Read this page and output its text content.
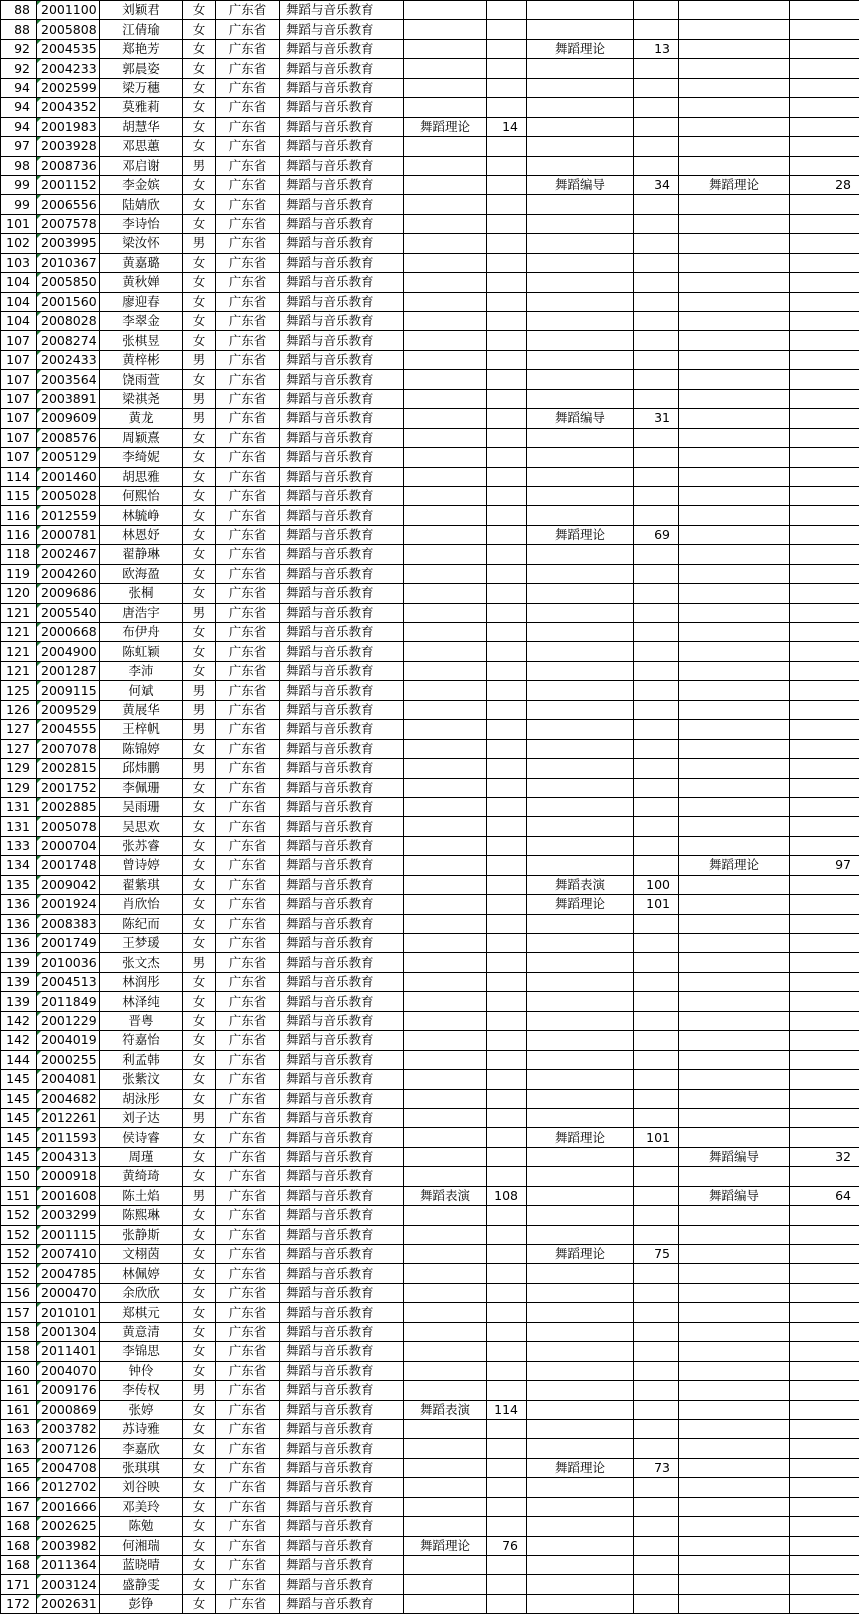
88	2001100	刘颖君	女	广东省	舞蹈与音乐教育						
88	2005808	江倩瑜	女	广东省	舞蹈与音乐教育						
92	2004535	郑艳芳	女	广东省	舞蹈与音乐教育			舞蹈理论	13		
92	2004233	郭晨姿	女	广东省	舞蹈与音乐教育						
94	2002599	梁万穗	女	广东省	舞蹈与音乐教育						
94	2004352	莫雅莉	女	广东省	舞蹈与音乐教育						
94	2001983	胡慧华	女	广东省	舞蹈与音乐教育	舞蹈理论	14				
97	2003928	邓思蕙	女	广东省	舞蹈与音乐教育						
98	2008736	邓启谢	男	广东省	舞蹈与音乐教育						
99	2001152	李金嫔	女	广东省	舞蹈与音乐教育			舞蹈编导	34	舞蹈理论	28
99	2006556	陆婧欣	女	广东省	舞蹈与音乐教育						
101	2007578	李诗怡	女	广东省	舞蹈与音乐教育						
102	2003995	梁汝怀	男	广东省	舞蹈与音乐教育						
103	2010367	黄嘉璐	女	广东省	舞蹈与音乐教育						
104	2005850	黄秋婵	女	广东省	舞蹈与音乐教育						
104	2001560	廖迎春	女	广东省	舞蹈与音乐教育						
104	2008028	李翠金	女	广东省	舞蹈与音乐教育						
107	2008274	张棋昱	女	广东省	舞蹈与音乐教育						
107	2002433	黄梓彬	男	广东省	舞蹈与音乐教育						
107	2003564	饶雨萱	女	广东省	舞蹈与音乐教育						
107	2003891	梁祺尧	男	广东省	舞蹈与音乐教育						
107	2009609	黄龙	男	广东省	舞蹈与音乐教育			舞蹈编导	31		
107	2008576	周颖熹	女	广东省	舞蹈与音乐教育						
107	2005129	李绮妮	女	广东省	舞蹈与音乐教育						
114	2001460	胡思雅	女	广东省	舞蹈与音乐教育						
115	2005028	何熙怡	女	广东省	舞蹈与音乐教育						
116	2012559	林毓峥	女	广东省	舞蹈与音乐教育						
116	2000781	林恩妤	女	广东省	舞蹈与音乐教育			舞蹈理论	69		
118	2002467	翟静琳	女	广东省	舞蹈与音乐教育						
119	2004260	欧海盈	女	广东省	舞蹈与音乐教育						
120	2009686	张桐	女	广东省	舞蹈与音乐教育						
121	2005540	唐浩宇	男	广东省	舞蹈与音乐教育						
121	2000668	布伊舟	女	广东省	舞蹈与音乐教育						
121	2004900	陈虹颖	女	广东省	舞蹈与音乐教育						
121	2001287	李沛	女	广东省	舞蹈与音乐教育						
125	2009115	何斌	男	广东省	舞蹈与音乐教育						
126	2009529	黄展华	男	广东省	舞蹈与音乐教育						
127	2004555	王梓帆	男	广东省	舞蹈与音乐教育						
127	2007078	陈锦婷	女	广东省	舞蹈与音乐教育						
129	2002815	邱炜鹏	男	广东省	舞蹈与音乐教育						
129	2001752	李佩珊	女	广东省	舞蹈与音乐教育						
131	2002885	吴雨珊	女	广东省	舞蹈与音乐教育						
131	2005078	吴思欢	女	广东省	舞蹈与音乐教育						
133	2000704	张苏睿	女	广东省	舞蹈与音乐教育						
134	2001748	曾诗婷	女	广东省	舞蹈与音乐教育					舞蹈理论	97
135	2009042	翟紫琪	女	广东省	舞蹈与音乐教育			舞蹈表演	100		
136	2001924	肖欣怡	女	广东省	舞蹈与音乐教育			舞蹈理论	101		
136	2008383	陈纪而	女	广东省	舞蹈与音乐教育						
136	2001749	王梦瑗	女	广东省	舞蹈与音乐教育						
139	2010036	张文杰	男	广东省	舞蹈与音乐教育						
139	2004513	林润彤	女	广东省	舞蹈与音乐教育						
139	2011849	林泽纯	女	广东省	舞蹈与音乐教育						
142	2001229	晋粤	女	广东省	舞蹈与音乐教育						
142	2004019	符嘉怡	女	广东省	舞蹈与音乐教育						
144	2000255	利孟韩	女	广东省	舞蹈与音乐教育						
145	2004081	张紫汶	女	广东省	舞蹈与音乐教育						
145	2004682	胡泳彤	女	广东省	舞蹈与音乐教育						
145	2012261	刘子达	男	广东省	舞蹈与音乐教育						
145	2011593	侯诗睿	女	广东省	舞蹈与音乐教育			舞蹈理论	101		
145	2004313	周瑾	女	广东省	舞蹈与音乐教育					舞蹈编导	32
150	2000918	黄绮琦	女	广东省	舞蹈与音乐教育						
151	2001608	陈土焰	男	广东省	舞蹈与音乐教育	舞蹈表演	108			舞蹈编导	64
152	2003299	陈熙琳	女	广东省	舞蹈与音乐教育						
152	2001115	张静斯	女	广东省	舞蹈与音乐教育						
152	2007410	文栩茵	女	广东省	舞蹈与音乐教育			舞蹈理论	75		
152	2004785	林佩婷	女	广东省	舞蹈与音乐教育						
156	2000470	余欣欣	女	广东省	舞蹈与音乐教育						
157	2010101	郑棋元	女	广东省	舞蹈与音乐教育						
158	2001304	黄意清	女	广东省	舞蹈与音乐教育						
158	2011401	李锦思	女	广东省	舞蹈与音乐教育						
160	2004070	钟伶	女	广东省	舞蹈与音乐教育						
161	2009176	李传权	男	广东省	舞蹈与音乐教育						
161	2000869	张婷	女	广东省	舞蹈与音乐教育	舞蹈表演	114				
163	2003782	苏诗雅	女	广东省	舞蹈与音乐教育						
163	2007126	李嘉欣	女	广东省	舞蹈与音乐教育						
165	2004708	张琪琪	女	广东省	舞蹈与音乐教育			舞蹈理论	73		
166	2012702	刘谷映	女	广东省	舞蹈与音乐教育						
167	2001666	邓美玲	女	广东省	舞蹈与音乐教育						
168	2002625	陈勉	女	广东省	舞蹈与音乐教育						
168	2003982	何湘瑞	女	广东省	舞蹈与音乐教育	舞蹈理论	76				
168	2011364	蓝晓晴	女	广东省	舞蹈与音乐教育						
171	2003124	盛静雯	女	广东省	舞蹈与音乐教育						
172	2002631	彭铮	女	广东省	舞蹈与音乐教育						
